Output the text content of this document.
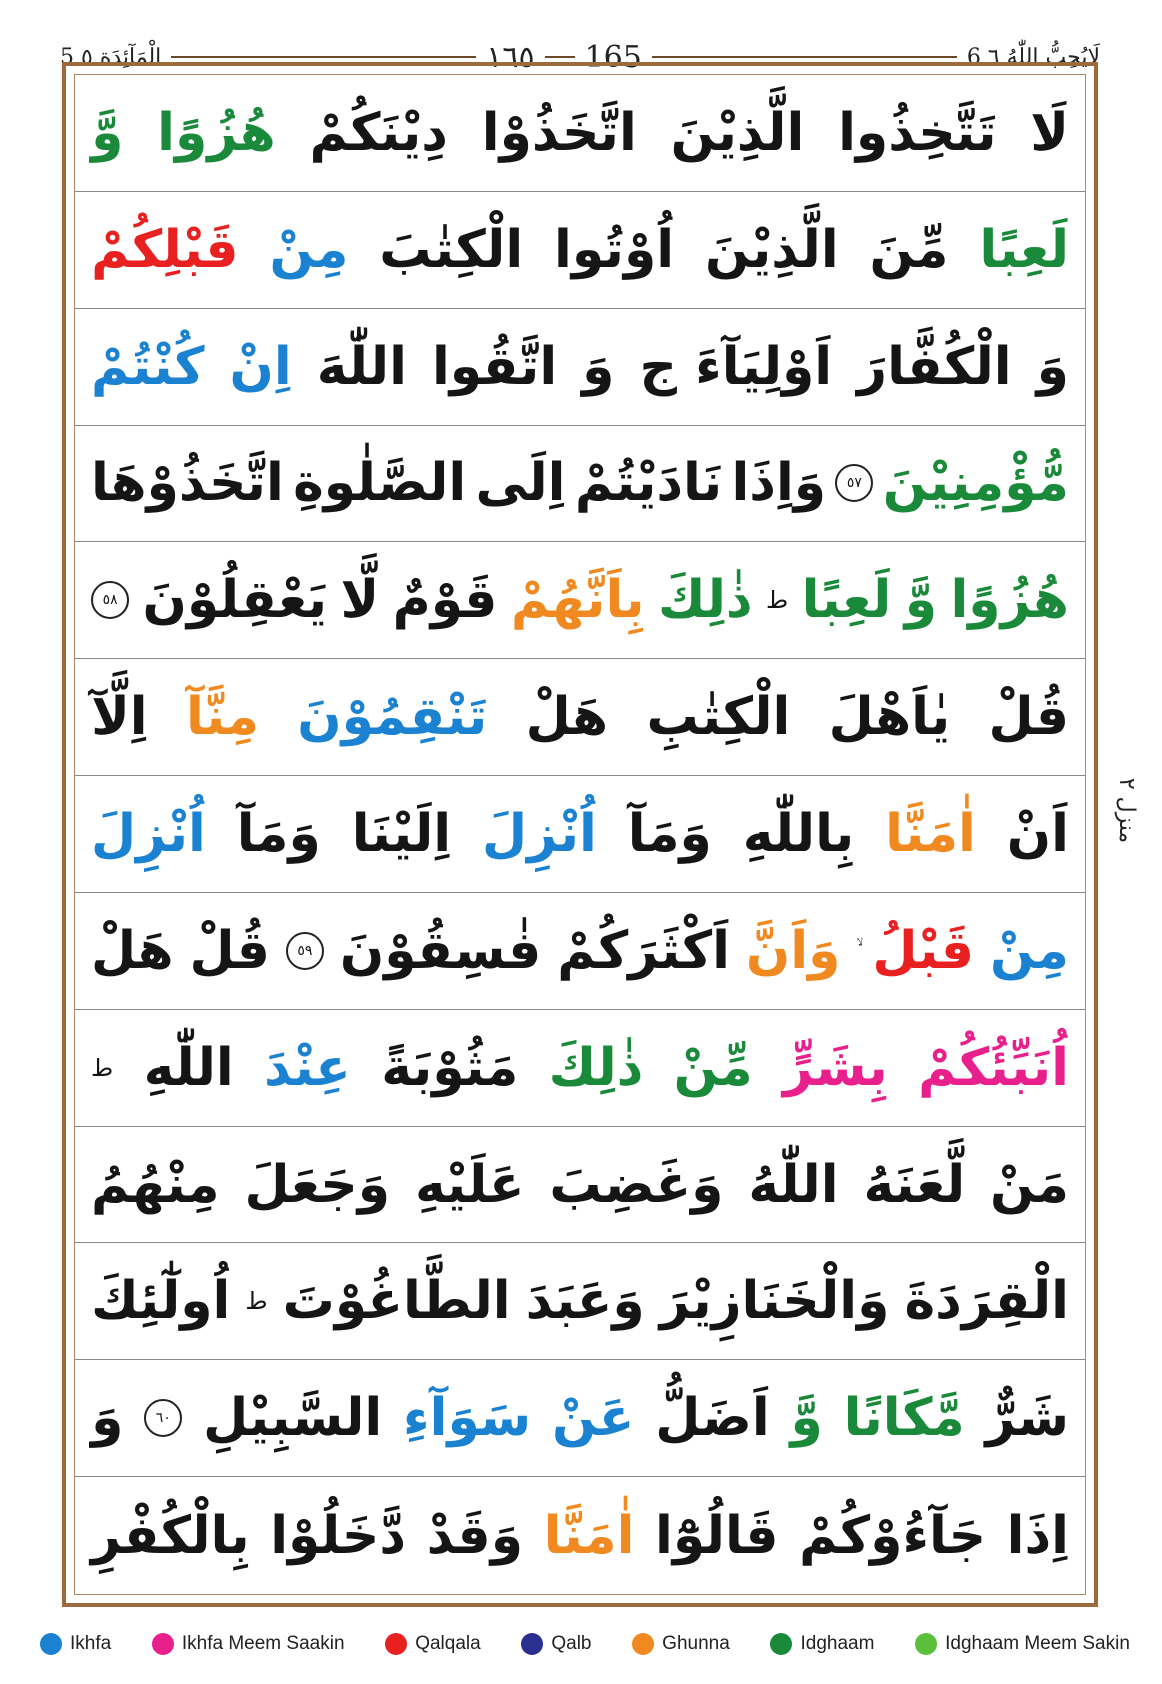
5 الْمَآئِدَة ٥	١٦٥ 165	6 لَايُحِبُّ اللّٰهُ ٦
لَا
تَتَّخِذُوا
الَّذِيْنَ
اتَّخَذُوْا
دِيْنَكُمْ
هُزُوًا
وَّ
لَعِبًا
مِّنَ
الَّذِيْنَ
اُوْتُوا
الْكِتٰبَ
مِنْ
قَبْلِكُمْ
وَ
الْكُفَّارَ
اَوْلِيَآءَ ج
وَ
اتَّقُوا
اللّٰهَ
اِنْ
كُنْتُمْ
مُّؤْمِنِيْنَ
٥٧
وَاِذَا
نَادَيْتُمْ
اِلَى
الصَّلٰوةِ
اتَّخَذُوْهَا
هُزُوًا
وَّ
لَعِبًا
ط
ذٰلِكَ
بِاَنَّهُمْ
قَوْمٌ
لَّا
يَعْقِلُوْنَ
٥٨
قُلْ
يٰاَهْلَ
الْكِتٰبِ
هَلْ
تَنْقِمُوْنَ
مِنَّآ
اِلَّآ
اَنْ
اٰمَنَّا
بِاللّٰهِ
وَمَآ
اُنْزِلَ
اِلَيْنَا
وَمَآ
اُنْزِلَ
مِنْ
قَبْلُ
وَاَنَّ
اَكْثَرَكُمْ
فٰسِقُوْنَ
٥٩
قُلْ
هَلْ
اُنَبِّئُكُمْ
بِشَرٍّ
مِّنْ
ذٰلِكَ
مَثُوْبَةً
عِنْدَ
اللّٰهِ
ط
مَنْ
لَّعَنَهُ
اللّٰهُ
وَغَضِبَ
عَلَيْهِ
وَجَعَلَ
مِنْهُمُ
الْقِرَدَةَ
وَالْخَنَازِيْرَ
وَعَبَدَ
الطَّاغُوْتَ
ط
اُولٰٓئِكَ
شَرٌّ
مَّكَانًا
وَّ
اَضَلُّ
عَنْ
سَوَآءِ
السَّبِيْلِ
٦٠
وَ
اِذَا
جَآءُوْكُمْ
قَالُوْٓا
اٰمَنَّا
وَقَدْ
دَّخَلُوْا
بِالْكُفْرِ
منزل ٢
Ikhfa	Ikhfa Meem Saakin	Qalqala	Qalb	Ghunna	Idghaam	Idghaam Meem Sakin
